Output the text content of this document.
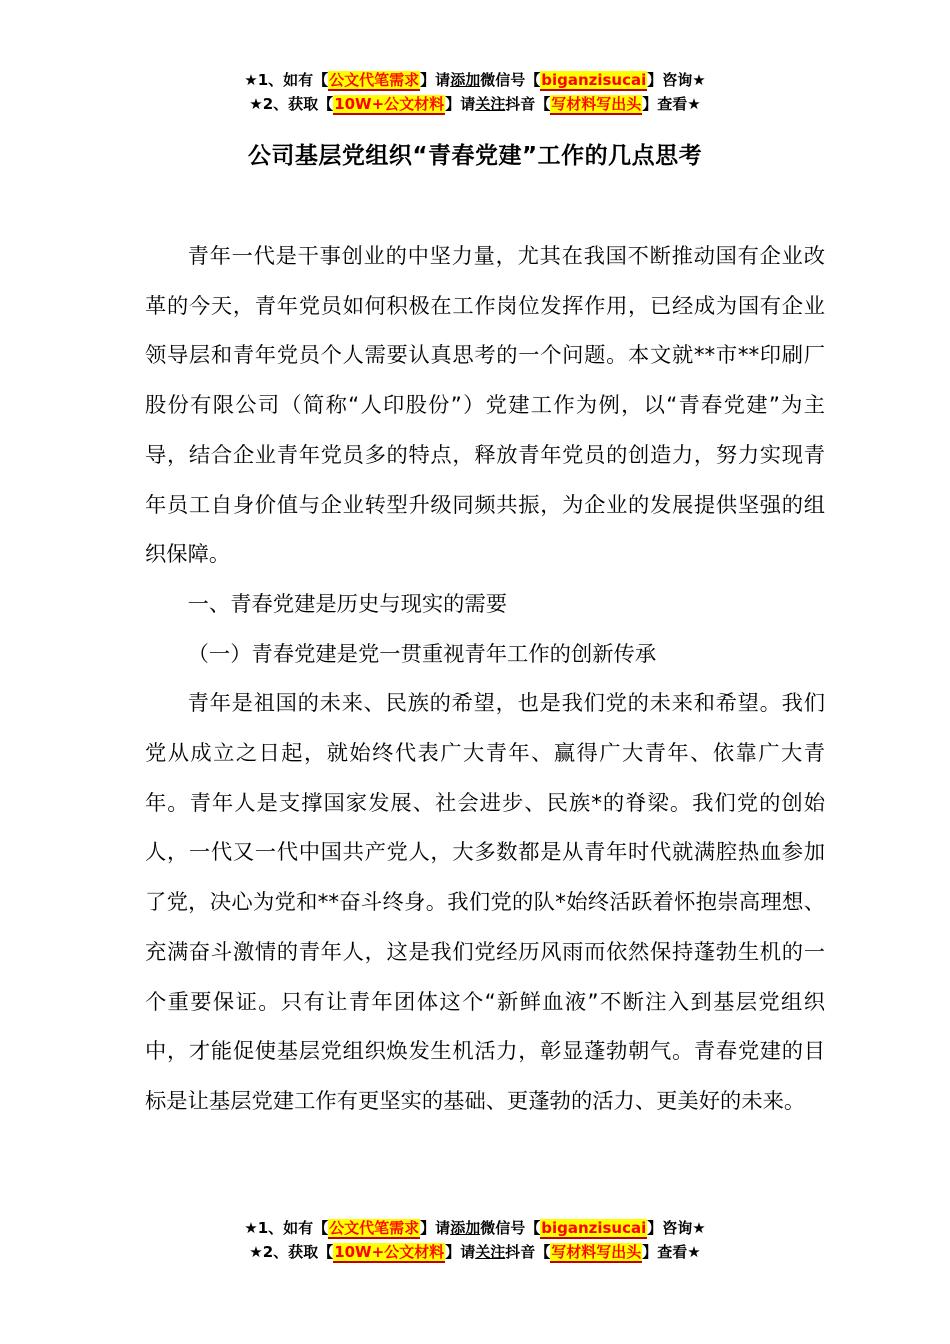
★1、如有【公文代笔需求】请添加微信号【biganzisucai】咨询★
★2、获取【10W+公文材料】请关注抖音【写材料写出头】查看★
公司基层党组织“青春党建”工作的几点思考

青年一代是干事创业的中坚力量，尤其在我国不断推动国有企业改革的今天，青年党员如何积极在工作岗位发挥作用，已经成为国有企业领导层和青年党员个人需要认真思考的一个问题。本文就**市**印刷厂股份有限公司（简称“人印股份”）党建工作为例，以“青春党建”为主导，结合企业青年党员多的特点，释放青年党员的创造力，努力实现青年员工自身价值与企业转型升级同频共振，为企业的发展提供坚强的组织保障。

一、青春党建是历史与现实的需要

（一）青春党建是党一贯重视青年工作的创新传承

青年是祖国的未来、民族的希望，也是我们党的未来和希望。我们党从成立之日起，就始终代表广大青年、赢得广大青年、依靠广大青年。青年人是支撑国家发展、社会进步、民族*的脊梁。我们党的创始人，一代又一代中国共产党人，大多数都是从青年时代就满腔热血参加了党，决心为党和**奋斗终身。我们党的队*始终活跃着怀抱崇高理想、充满奋斗激情的青年人，这是我们党经历风雨而依然保持蓬勃生机的一个重要保证。只有让青年团体这个“新鲜血液”不断注入到基层党组织中，才能促使基层党组织焕发生机活力，彰显蓬勃朝气。青春党建的目标是让基层党建工作有更坚实的基础、更蓬勃的活力、更美好的未来。

★1、如有【公文代笔需求】请添加微信号【biganzisucai】咨询★
★2、获取【10W+公文材料】请关注抖音【写材料写出头】查看★
